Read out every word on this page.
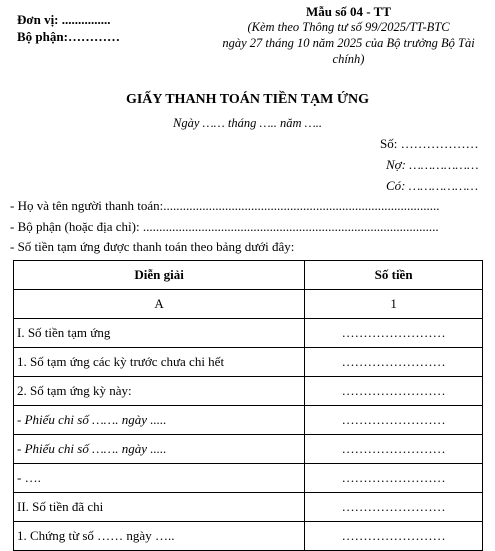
Đơn vị: ...............
Bộ phận:…………
Mẫu số 04 - TT
(Kèm theo Thông tư số 99/2025/TT-BTC
ngày 27 tháng 10 năm 2025 của Bộ trưởng Bộ Tài
chính)
GIẤY THANH TOÁN TIỀN TẠM ỨNG
Ngày …… tháng ….. năm …..
Số: ………………
Nợ: ………………
Có: ………………
- Họ và tên người thanh toán:.....................................................................................
- Bộ phận (hoặc địa chỉ): ...........................................................................................
- Số tiền tạm ứng được thanh toán theo bảng dưới đây:
Diễn giải	Số tiền
A	1
I. Số tiền tạm ứng	……………………
1. Số tạm ứng các kỳ trước chưa chi hết	……………………
2. Số tạm ứng kỳ này:	……………………
- Phiếu chi số ……. ngày .....	……………………
- Phiếu chi số ……. ngày .....	……………………
- ….	……………………
II. Số tiền đã chi	……………………
1. Chứng từ số …… ngày …..	……………………
